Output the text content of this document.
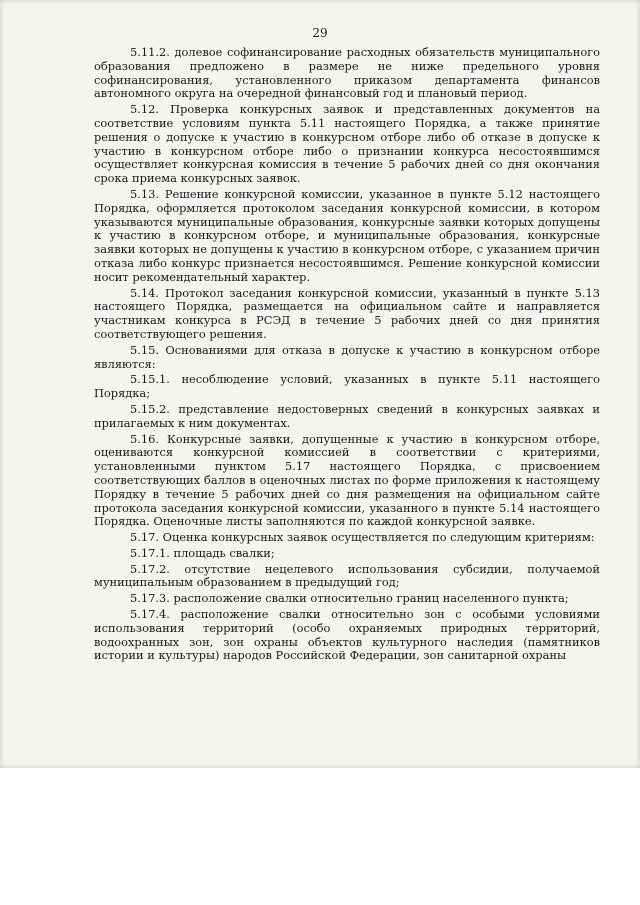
29

5.11.2. долевое софинансирование расходных обязательств муниципального образования предложено в размере не ниже предельного уровня софинансирования, установленного приказом департамента финансов автономного округа на очередной финансовый год и плановый период.

5.12. Проверка конкурсных заявок и представленных документов на соответствие условиям пункта 5.11 настоящего Порядка, а также принятие решения о допуске к участию в конкурсном отборе либо об отказе в допуске к участию в конкурсном отборе либо о признании конкурса несостоявшимся осуществляет конкурсная комиссия в течение 5 рабочих дней со дня окончания срока приема конкурсных заявок.

5.13. Решение конкурсной комиссии, указанное в пункте 5.12 настоящего Порядка, оформляется протоколом заседания конкурсной комиссии, в котором указываются муниципальные образования, конкурсные заявки которых допущены к участию в конкурсном отборе, и муниципальные образования, конкурсные заявки которых не допущены к участию в конкурсном отборе, с указанием причин отказа либо конкурс признается несостоявшимся. Решение конкурсной комиссии носит рекомендательный характер.

5.14. Протокол заседания конкурсной комиссии, указанный в пункте 5.13 настоящего Порядка, размещается на официальном сайте и направляется участникам конкурса в РСЭД в течение 5 рабочих дней со дня принятия соответствующего решения.

5.15. Основаниями для отказа в допуске к участию в конкурсном отборе являются:

5.15.1. несоблюдение условий, указанных в пункте 5.11 настоящего Порядка;

5.15.2. представление недостоверных сведений в конкурсных заявках и прилагаемых к ним документах.

5.16. Конкурсные заявки, допущенные к участию в конкурсном отборе, оцениваются конкурсной комиссией в соответствии с критериями, установленными пунктом 5.17 настоящего Порядка, с присвоением соответствующих баллов в оценочных листах по форме приложения к настоящему Порядку в течение 5 рабочих дней со дня размещения на официальном сайте протокола заседания конкурсной комиссии, указанного в пункте 5.14 настоящего Порядка. Оценочные листы заполняются по каждой конкурсной заявке.

5.17. Оценка конкурсных заявок осуществляется по следующим критериям:

5.17.1. площадь свалки;

5.17.2. отсутствие нецелевого использования субсидии, получаемой муниципальным образованием в предыдущий год;

5.17.3. расположение свалки относительно границ населенного пункта;

5.17.4. расположение свалки относительно зон с особыми условиями использования территорий (особо охраняемых природных территорий, водоохранных зон, зон охраны объектов культурного наследия (памятников истории и культуры) народов Российской Федерации, зон санитарной охраны
